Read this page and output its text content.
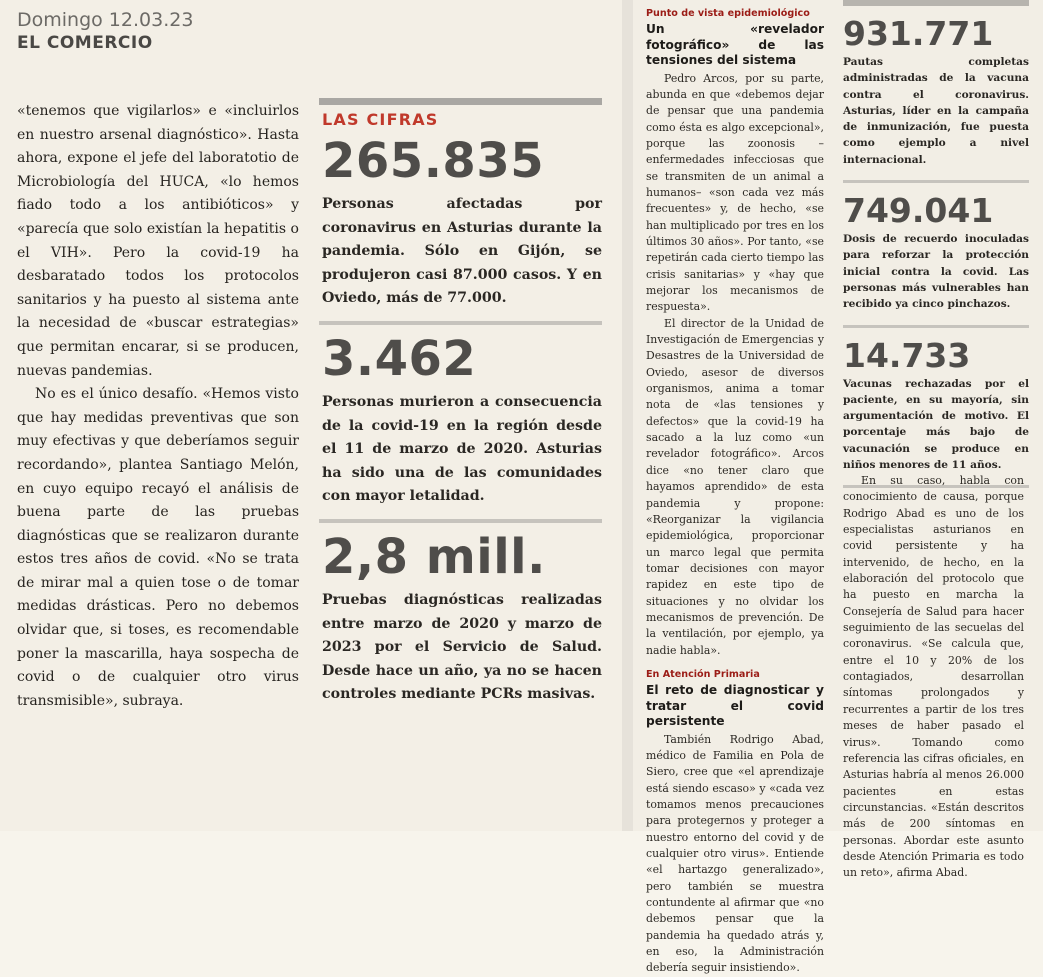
Domingo 12.03.23
EL COMERCIO

«tenemos que vigilarlos» e «incluirlos en nuestro arsenal diagnóstico». Hasta ahora, expone el jefe del laboratotio de Microbiología del HUCA, «lo hemos fiado todo a los antibióticos» y «parecía que solo existían la hepatitis o el VIH». Pero la covid-19 ha desbaratado todos los protocolos sanitarios y ha puesto al sistema ante la necesidad de «buscar estrategias» que permitan encarar, si se producen, nuevas pandemias.

No es el único desafío. «Hemos visto que hay medidas preventivas que son muy efectivas y que deberíamos seguir recordando», plantea Santiago Melón, en cuyo equipo recayó el análisis de buena parte de las pruebas diagnósticas que se realizaron durante estos tres años de covid. «No se trata de mirar mal a quien tose o de tomar medidas drásticas. Pero no debemos olvidar que, si toses, es recomendable poner la mascarilla, haya sospecha de covid o de cualquier otro virus transmisible», subraya.

LAS CIFRAS
265.835
Personas afectadas por coronavirus en Asturias durante la pandemia. Sólo en Gijón, se produjeron casi 87.000 casos. Y en Oviedo, más de 77.000.
3.462
Personas murieron a consecuencia de la covid-19 en la región desde el 11 de marzo de 2020. Asturias ha sido una de las comunidades con mayor letalidad.
2,8 mill.
Pruebas diagnósticas realizadas entre marzo de 2020 y marzo de 2023 por el Servicio de Salud. Desde hace un año, ya no se hacen controles mediante PCRs masivas.
Punto de vista epidemiológico
Un «revelador fotográfico» de las tensiones del sistema

Pedro Arcos, por su parte, abunda en que «debemos dejar de pensar que una pandemia como ésta es algo excepcional», porque las zoonosis –enfermedades infecciosas que se transmiten de un animal a humanos– «son cada vez más frecuentes» y, de hecho, «se han multiplicado por tres en los últimos 30 años». Por tanto, «se repetirán cada cierto tiempo las crisis sanitarias» y «hay que mejorar los mecanismos de respuesta».

El director de la Unidad de Investigación de Emergencias y Desastres de la Universidad de Oviedo, asesor de diversos organismos, anima a tomar nota de «las tensiones y defectos» que la covid-19 ha sacado a la luz como «un revelador fotográfico». Arcos dice «no tener claro que hayamos aprendido» de esta pandemia y propone: «Reorganizar la vigilancia epidemiológica, proporcionar un marco legal que permita tomar decisiones con mayor rapidez en este tipo de situaciones y no olvidar los mecanismos de prevención. De la ventilación, por ejemplo, ya nadie habla».

En Atención Primaria
El reto de diagnosticar y tratar el covid persistente

También Rodrigo Abad, médico de Familia en Pola de Siero, cree que «el aprendizaje está siendo escaso» y «cada vez tomamos menos precauciones para protegernos y proteger a nuestro entorno del covid y de cualquier otro virus». Entiende «el hartazgo generalizado», pero también se muestra contundente al afirmar que «no debemos pensar que la pandemia ha quedado atrás y, en eso, la Administración debería seguir insistiendo».

931.771
Pautas completas administradas de la vacuna contra el coronavirus. Asturias, líder en la campaña de inmunización, fue puesta como ejemplo a nivel internacional.
749.041
Dosis de recuerdo inoculadas para reforzar la protección inicial contra la covid. Las personas más vulnerables han recibido ya cinco pinchazos.
14.733
Vacunas rechazadas por el paciente, en su mayoría, sin argumentación de motivo. El porcentaje más bajo de vacunación se produce en niños menores de 11 años.

En su caso, habla con conocimiento de causa, porque Rodrigo Abad es uno de los especialistas asturianos en covid persistente y ha intervenido, de hecho, en la elaboración del protocolo que ha puesto en marcha la Consejería de Salud para hacer seguimiento de las secuelas del coronavirus. «Se calcula que, entre el 10 y 20% de los contagiados, desarrollan síntomas prolongados y recurrentes a partir de los tres meses de haber pasado el virus». Tomando como referencia las cifras oficiales, en Asturias habría al menos 26.000 pacientes en estas circunstancias. «Están descritos más de 200 síntomas en personas. Abordar este asunto desde Atención Primaria es todo un reto», afirma Abad.
